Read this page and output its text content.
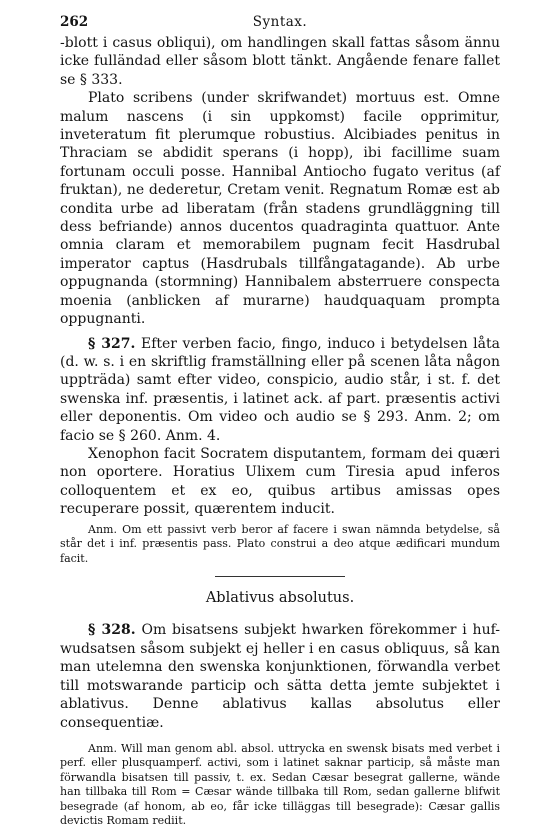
262	Syntax.

-blott i casus obliqui), om handlingen skall fattas såsom ännu icke fulländad eller såsom blott tänkt. Angående fenare fallet se § 333.

Plato scribens (under skrifwandet) mortuus est. Omne malum nascens (i sin uppkomst) facile opprimitur, inveteratum fit plerumque robustius. Alcibiades penitus in Thraciam se abdidit sperans (i hopp), ibi facillime suam fortunam occuli posse. Hannibal Antiocho fugato veritus (af fruktan), ne dederetur, Cretam venit. Regnatum Romæ est ab condita urbe ad liberatam (från stadens grundläggning till dess befriande) annos ducentos quadraginta quattuor. Ante omnia claram et memorabilem pugnam fecit Hasdrubal imperator captus (Hasdrubals tillfångatagande). Ab urbe oppugnanda (stormning) Hannibalem absterruere conspecta moenia (anblicken af murarne) haudquaquam prompta oppugnanti.

§ 327. Efter verben facio, fingo, induco i betydelsen låta (d. w. s. i en skriftlig framställning eller på scenen låta någon uppträda) samt efter video, conspicio, audio står, i st. f. det swenska inf. præsentis, i latinet ack. af part. præsentis activi eller deponentis. Om video och audio se § 293. Anm. 2; om facio se § 260. Anm. 4.

Xenophon facit Socratem disputantem, formam dei quæri non oportere. Horatius Ulixem cum Tiresia apud inferos colloquentem et ex eo, quibus artibus amissas opes recuperare possit, quærentem inducit.

Anm. Om ett passivt verb beror af facere i swan nämnda betydelse, så står det i inf. præsentis pass. Plato construi a deo atque ædificari mundum facit.

Ablativus absolutus.

§ 328. Om bisatsens subjekt hwarken förekommer i huf- wudsatsen såsom subjekt ej heller i en casus obliquus, så kan man utelemna den swenska konjunktionen, förwandla verbet till motswarande particip och sätta detta jemte subjektet i ablativus. Denne ablativus kallas absolutus eller consequentiæ.

Anm. Will man genom abl. absol. uttrycka en swensk bisats med verbet i perf. eller plusquamperf. activi, som i latinet saknar particip, så måste man förwandla bisatsen till passiv, t. ex. Sedan Cæsar besegrat gallerne, wände han tillbaka till Rom = Cæsar wände tillbaka till Rom, sedan gallerne blifwit besegrade (af honom, ab eo, får icke tilläggas till besegrade): Cæsar gallis devictis Romam rediit.
